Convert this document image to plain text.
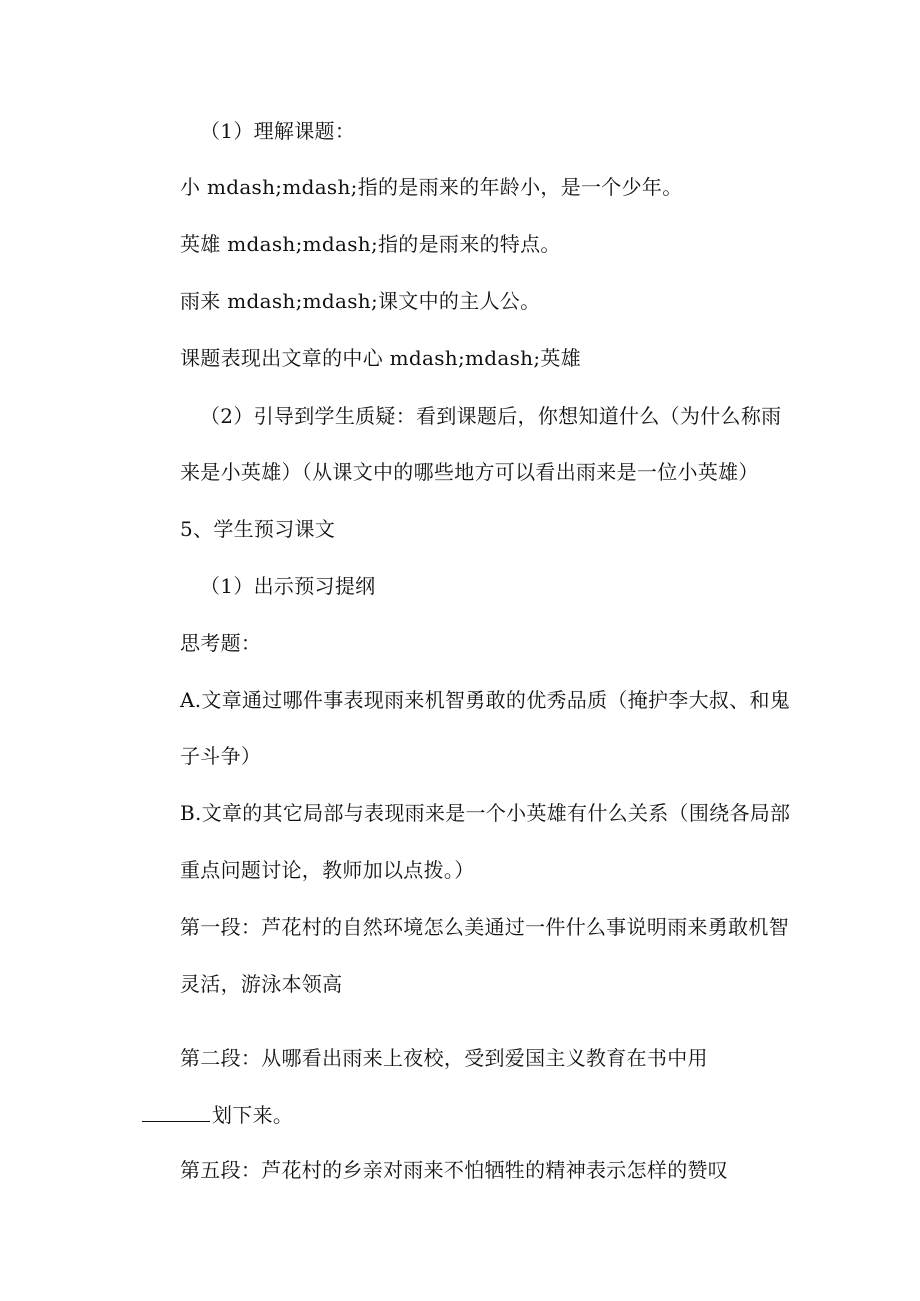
（1）理解课题：
小 mdash;mdash;指的是雨来的年龄小，是一个少年。
英雄 mdash;mdash;指的是雨来的特点。
雨来 mdash;mdash;课文中的主人公。
课题表现出文章的中心 mdash;mdash;英雄
（2）引导到学生质疑：看到课题后，你想知道什么（为什么称雨
来是小英雄）（从课文中的哪些地方可以看出雨来是一位小英雄）
5、学生预习课文
（1）出示预习提纲
思考题：
A.文章通过哪件事表现雨来机智勇敢的优秀品质（掩护李大叔、和鬼
子斗争）
B.文章的其它局部与表现雨来是一个小英雄有什么关系（围绕各局部
重点问题讨论，教师加以点拨。）
第一段：芦花村的自然环境怎么美通过一件什么事说明雨来勇敢机智
灵活，游泳本领高
第二段：从哪看出雨来上夜校，受到爱国主义教育在书中用
划下来。
第五段：芦花村的乡亲对雨来不怕牺牲的精神表示怎样的赞叹
